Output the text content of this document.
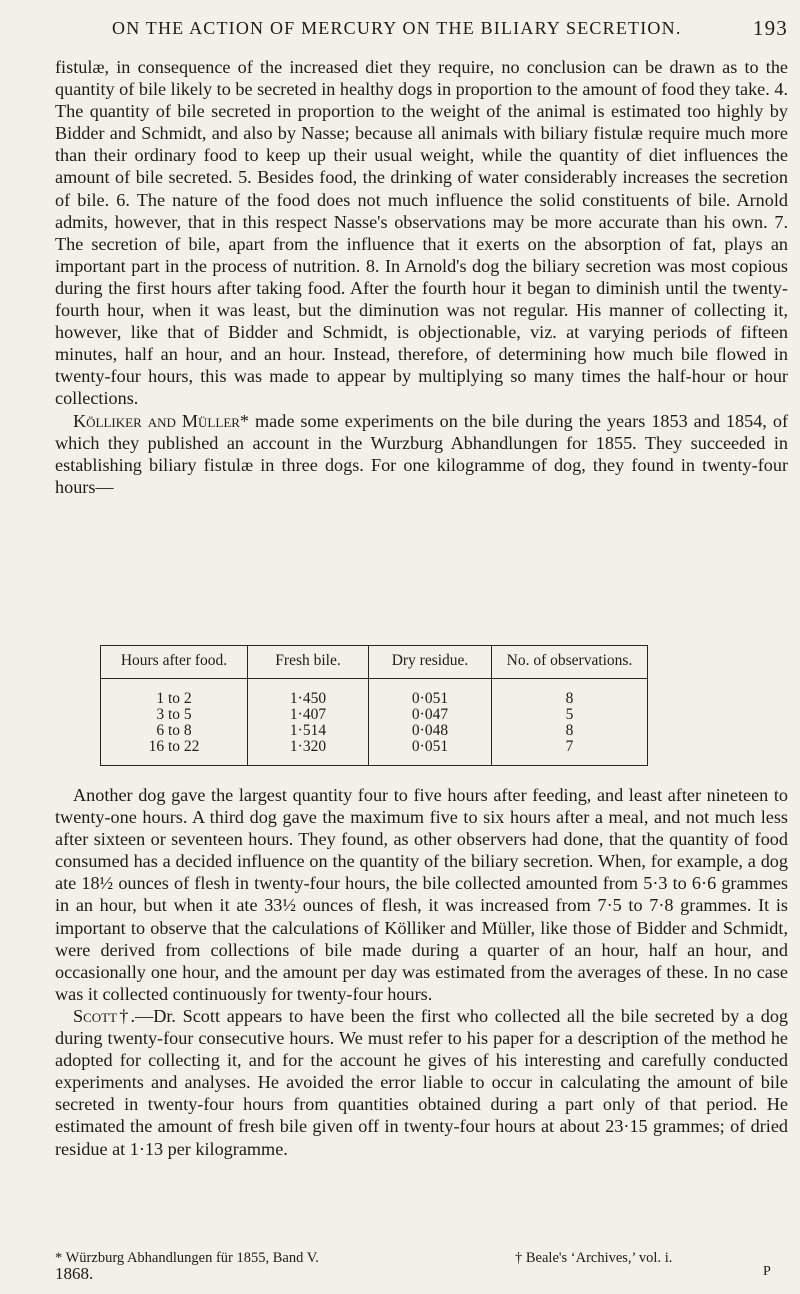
ON THE ACTION OF MERCURY ON THE BILIARY SECRETION.	193

fistulæ, in consequence of the increased diet they require, no conclusion can be drawn as to the quantity of bile likely to be secreted in healthy dogs in proportion to the amount of food they take. 4. The quantity of bile secreted in proportion to the weight of the animal is estimated too highly by Bidder and Schmidt, and also by Nasse; because all animals with biliary fistulæ require much more than their ordinary food to keep up their usual weight, while the quantity of diet influences the amount of bile secreted. 5. Besides food, the drinking of water considerably increases the secretion of bile. 6. The nature of the food does not much influence the solid constituents of bile. Arnold admits, however, that in this respect Nasse's observations may be more accurate than his own. 7. The secretion of bile, apart from the influence that it exerts on the absorption of fat, plays an important part in the process of nutrition. 8. In Arnold's dog the biliary secretion was most copious during the first hours after taking food. After the fourth hour it began to diminish until the twenty-fourth hour, when it was least, but the diminution was not regular. His manner of collecting it, however, like that of Bidder and Schmidt, is objectionable, viz. at varying periods of fifteen minutes, half an hour, and an hour. Instead, therefore, of determining how much bile flowed in twenty-four hours, this was made to appear by multiplying so many times the half-hour or hour collections.

Kölliker and Müller* made some experiments on the bile during the years 1853 and 1854, of which they published an account in the Wurzburg Abhandlungen for 1855. They succeeded in establishing biliary fistulæ in three dogs. For one kilogramme of dog, they found in twenty-four hours—

Hours after food.	Fresh bile.	Dry residue.	No. of observations.
1 to 2	1·450	0·051	8
3 to 5	1·407	0·047	5
6 to 8	1·514	0·048	8
16 to 22	1·320	0·051	7

Another dog gave the largest quantity four to five hours after feeding, and least after nineteen to twenty-one hours. A third dog gave the maximum five to six hours after a meal, and not much less after sixteen or seventeen hours. They found, as other observers had done, that the quantity of food consumed has a decided influence on the quantity of the biliary secretion. When, for example, a dog ate 18½ ounces of flesh in twenty-four hours, the bile collected amounted from 5·3 to 6·6 grammes in an hour, but when it ate 33½ ounces of flesh, it was increased from 7·5 to 7·8 grammes. It is important to observe that the calculations of Kölliker and Müller, like those of Bidder and Schmidt, were derived from collections of bile made during a quarter of an hour, half an hour, and occasionally one hour, and the amount per day was estimated from the averages of these. In no case was it collected continuously for twenty-four hours.

Scott†.—Dr. Scott appears to have been the first who collected all the bile secreted by a dog during twenty-four consecutive hours. We must refer to his paper for a description of the method he adopted for collecting it, and for the account he gives of his interesting and carefully conducted experiments and analyses. He avoided the error liable to occur in calculating the amount of bile secreted in twenty-four hours from quantities obtained during a part only of that period. He estimated the amount of fresh bile given off in twenty-four hours at about 23·15 grammes; of dried residue at 1·13 per kilogramme.

* Würzburg Abhandlungen für 1855, Band V.	† Beale's ‘Archives,’ vol. i.
1868.	P
